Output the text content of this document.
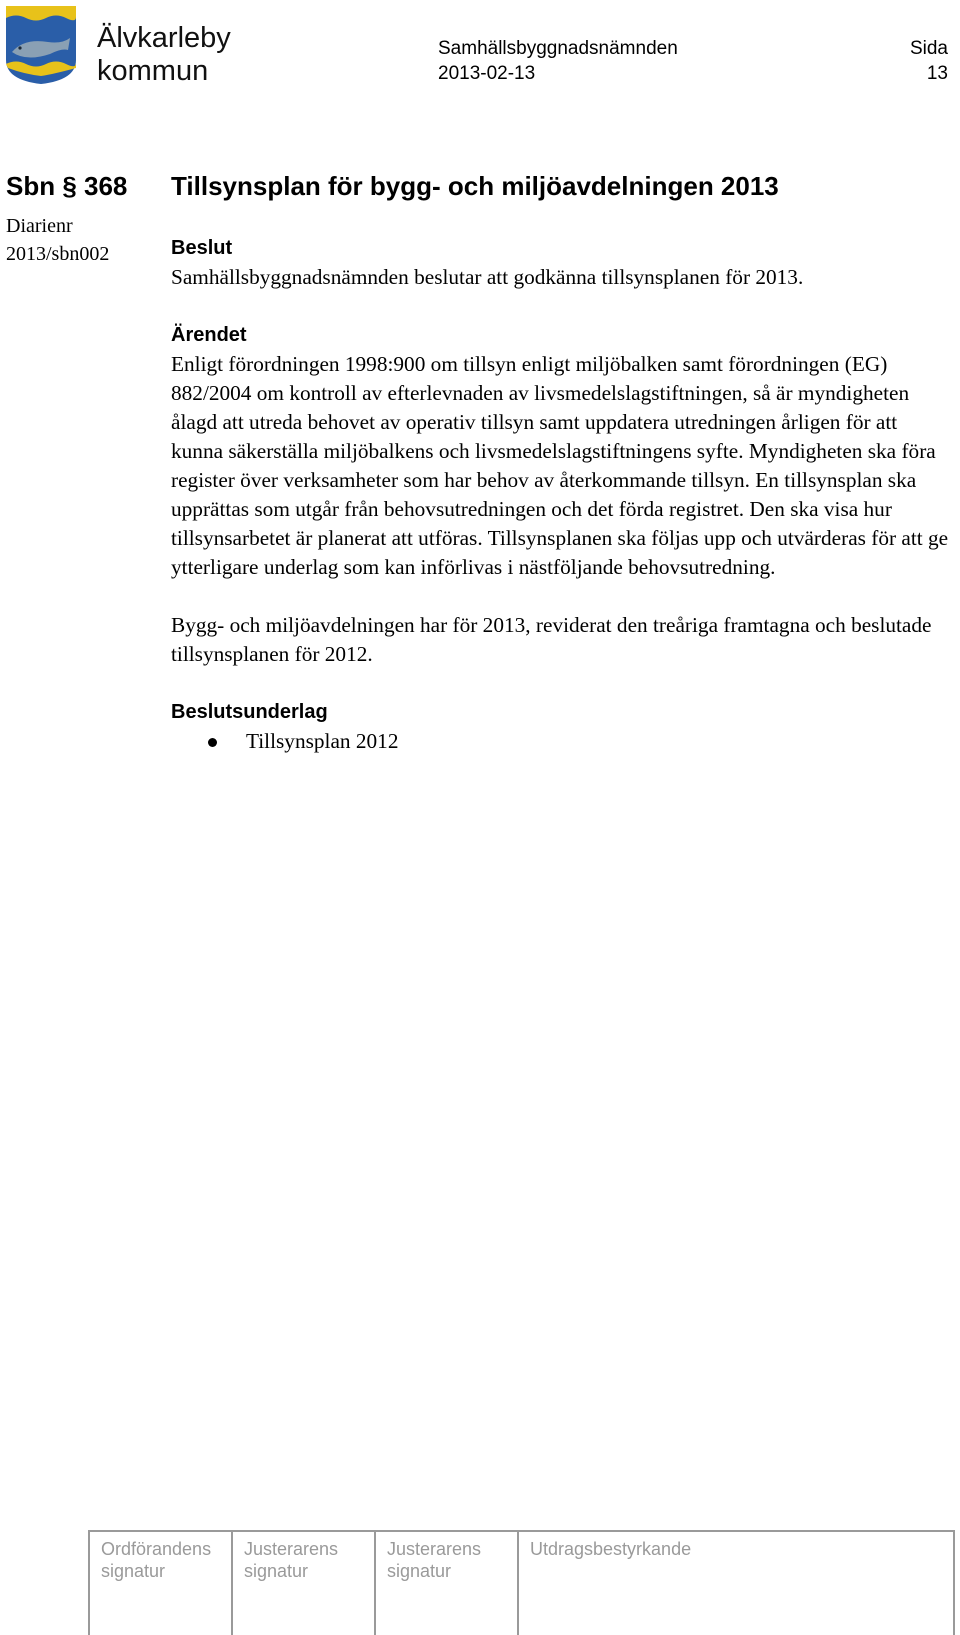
Älvkarleby
kommun
Samhällsbyggnadsnämnden
2013-02-13
Sida
13
Sbn § 368
Diarienr
2013/sbn002
Tillsynsplan för bygg- och miljöavdelningen 2013
Beslut

Samhällsbyggnadsnämnden beslutar att godkänna tillsynsplanen för 2013.

Ärendet

Enligt förordningen 1998:900 om tillsyn enligt miljöbalken samt förordningen (EG) 882/2004 om kontroll av efterlevnaden av livsmedelslagstiftningen, så är myndigheten ålagd att utreda behovet av operativ tillsyn samt uppdatera utredningen årligen för att kunna säkerställa miljöbalkens och livsmedelslagstiftningens syfte. Myndigheten ska föra register över verksamheter som har behov av återkommande tillsyn. En tillsynsplan ska upprättas som utgår från behovsutredningen och det förda registret. Den ska visa hur tillsynsarbetet är planerat att utföras. Tillsynsplanen ska följas upp och utvärderas för att ge ytterligare underlag som kan införlivas i nästföljande behovsutredning.

Bygg- och miljöavdelningen har för 2013, reviderat den treåriga framtagna och beslutade tillsynsplanen för 2012.

Beslutsunderlag
Tillsynsplan 2012
Ordförandens
signatur
Justerarens
signatur
Justerarens
signatur
Utdragsbestyrkande
